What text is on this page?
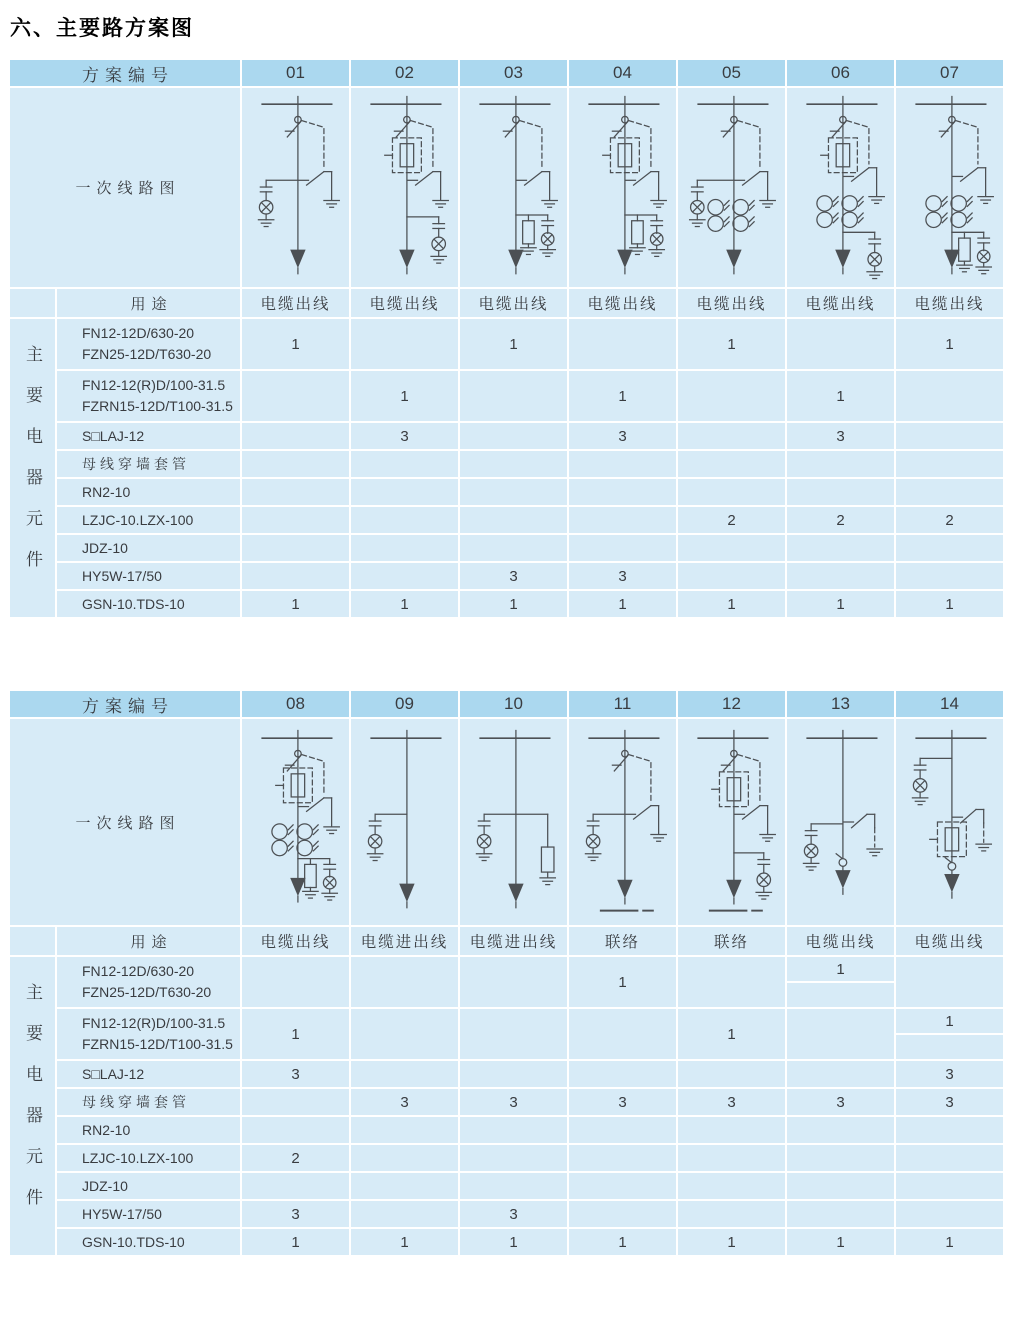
六、主要路方案图
方案编号		01	02	03	04	05	06	07
一次线路图	

	用途	电缆出线	电缆出线	电缆出线	电缆出线	电缆出线	电缆出线	电缆出线

主要电器元件	FN12-12D/630-20
FZN25-12D/T630-20	1		1		1		1

	FN12-12(R)D/100-31.5
FZRN15-12D/T100-31.5		1		1		1	

	S□LAJ-12		3		3		3	

	母线穿墙套管							

	RN2-10							

	LZJC-10.LZX-100					2	2	2

	JDZ-10							

	HY5W-17/50			3	3			

	GSN-10.TDS-10	1	1	1	1	1	1	1
方案编号		08	09	10	11	12	13	14
一次线路图	

	用途	电缆出线	电缆进出线	电缆进出线	联络	联络	电缆出线	电缆出线

主要电器元件	FN12-12D/630-20
FZN25-12D/T630-20				1		1	

	FN12-12(R)D/100-31.5
FZRN15-12D/T100-31.5	1				1		1

	S□LAJ-12	3						3

	母线穿墙套管		3	3	3	3	3	3

	RN2-10							

	LZJC-10.LZX-100	2						

	JDZ-10							

	HY5W-17/50	3		3				

	GSN-10.TDS-10	1	1	1	1	1	1	1
